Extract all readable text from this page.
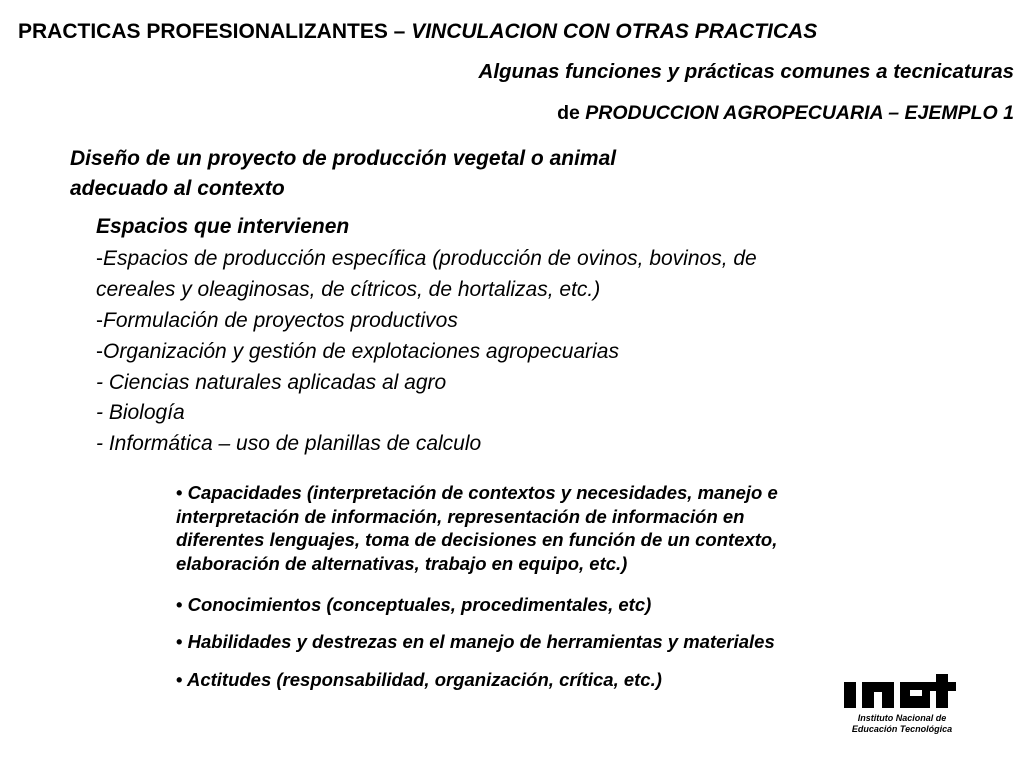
PRACTICAS PROFESIONALIZANTES – VINCULACION CON OTRAS PRACTICAS
Algunas funciones y prácticas comunes a tecnicaturas
de PRODUCCION AGROPECUARIA – EJEMPLO 1
Diseño de un proyecto de producción vegetal o animal
adecuado al contexto
Espacios que intervienen
-Espacios de producción específica (producción de ovinos, bovinos, de
cereales y oleaginosas, de cítricos, de hortalizas, etc.)
-Formulación de proyectos productivos
-Organización y gestión de explotaciones agropecuarias
- Ciencias naturales aplicadas al agro
- Biología
- Informática – uso de planillas de calculo
• Capacidades (interpretación de contextos y necesidades, manejo e
interpretación de información, representación de información en
diferentes lenguajes, toma de decisiones en función de un contexto,
elaboración de alternativas, trabajo en equipo, etc.)
• Conocimientos (conceptuales, procedimentales, etc)
• Habilidades y destrezas en el manejo de herramientas y materiales
• Actitudes (responsabilidad, organización, crítica, etc.)
Instituto Nacional de
Educación Tecnológica
